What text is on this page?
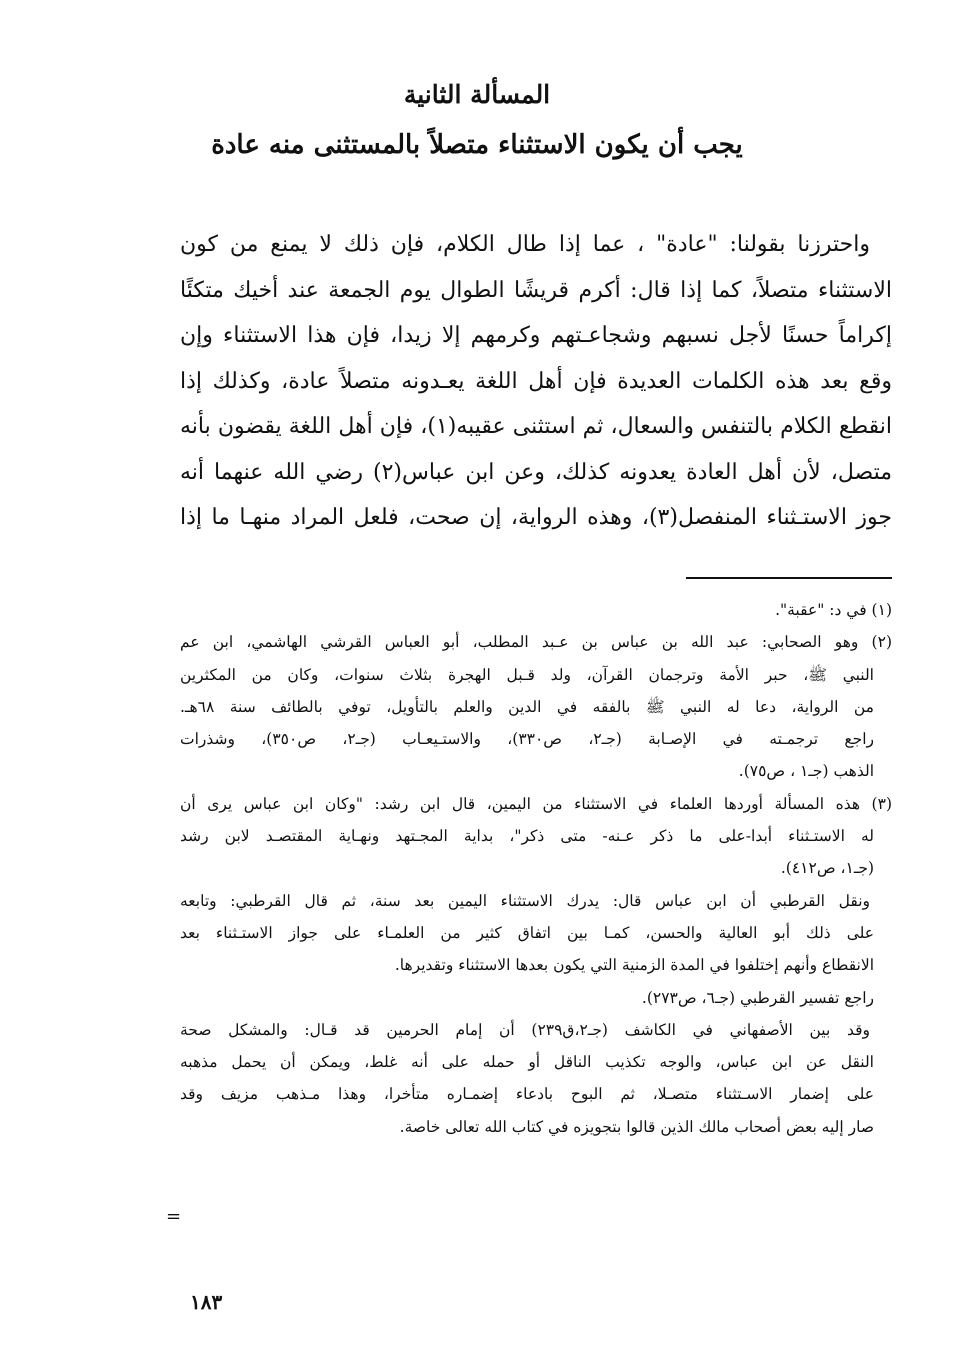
المسألة الثانية
يجب أن يكون الاستثناء متصلاً بالمستثنى منه عادة
واحترزنا بقولنا: "عادة" ، عما إذا طال الكلام، فإن ذلك لا يمنع من كون
الاستثناء متصلاً، كما إذا قال: أكرم قريشًا الطوال يوم الجمعة عند أخيك متكئًا
إكراماً حسنًا لأجل نسبهم وشجاعـتهم وكرمهم إلا زيدا، فإن هذا الاستثناء وإن
وقع بعد هذه الكلمات العديدة فإن أهل اللغة يعـدونه متصلاً عادة، وكذلك إذا
انقطع الكلام بالتنفس والسعال، ثم استثنى عقيبه(١)، فإن أهل اللغة يقضون بأنه
متصل، لأن أهل العادة يعدونه كذلك، وعن ابن عباس(٢) رضي الله عنهما أنه
جوز الاستـثناء المنفصل(٣)، وهذه الرواية، إن صحت، فلعل المراد منهـا ما إذا
(١) في د: "عقبة".
(٢) وهو الصحابي: عبد الله بن عباس بن عـبد المطلب، أبو العباس القرشي الهاشمي، ابن عم
النبي ﷺ، حبر الأمة وترجمان القرآن، ولد قـبل الهجرة بثلاث سنوات، وكان من المكثرين
من الرواية، دعا له النبي ﷺ بالفقه في الدين والعلم بالتأويل، توفي بالطائف سنة ٦٨هـ.
راجع ترجمـته في الإصـابة (جـ٢، ص٣٣٠)، والاستـيعـاب (جـ٢، ص٣٥٠)، وشذرات
الذهب (جـ١ ، ص٧٥).
(٣) هذه المسألة أوردها العلماء في الاستثناء من اليمين، قال ابن رشد: "وكان ابن عباس يرى أن
له الاستـثناء أبدا-على ما ذكر عـنه- متى ذكر"، بداية المجـتهد ونهـاية المقتصـد لابن رشد
(جـ١، ص٤١٢).
ونقل القرطبي أن ابن عباس قال: يدرك الاستثناء اليمين بعد سنة، ثم قال القرطبي: وتابعه
على ذلك أبو العالية والحسن، كمـا بين اتفاق كثير من العلمـاء على جواز الاستـثناء بعد
الانقطاع وأنهم إختلفوا في المدة الزمنية التي يكون بعدها الاستثناء وتقديرها.
راجع تفسير القرطبي (جـ٦، ص٢٧٣).
وقد بين الأصفهاني في الكاشف (جـ٢،ق٢٣٩) أن إمام الحرمين قد قـال: والمشكل صحة
النقل عن ابن عباس، والوجه تكذيب الناقل أو حمله على أنه غلط، ويمكن أن يحمل مذهبه
على إضمار الاسـتثناء متصـلا، ثم البوح بادعاء إضمـاره متأخرا، وهذا مـذهب مزيف وقد
صار إليه بعض أصحاب مالك الذين قالوا بتجويزه في كتاب الله تعالى خاصة.
=
١٨٣
